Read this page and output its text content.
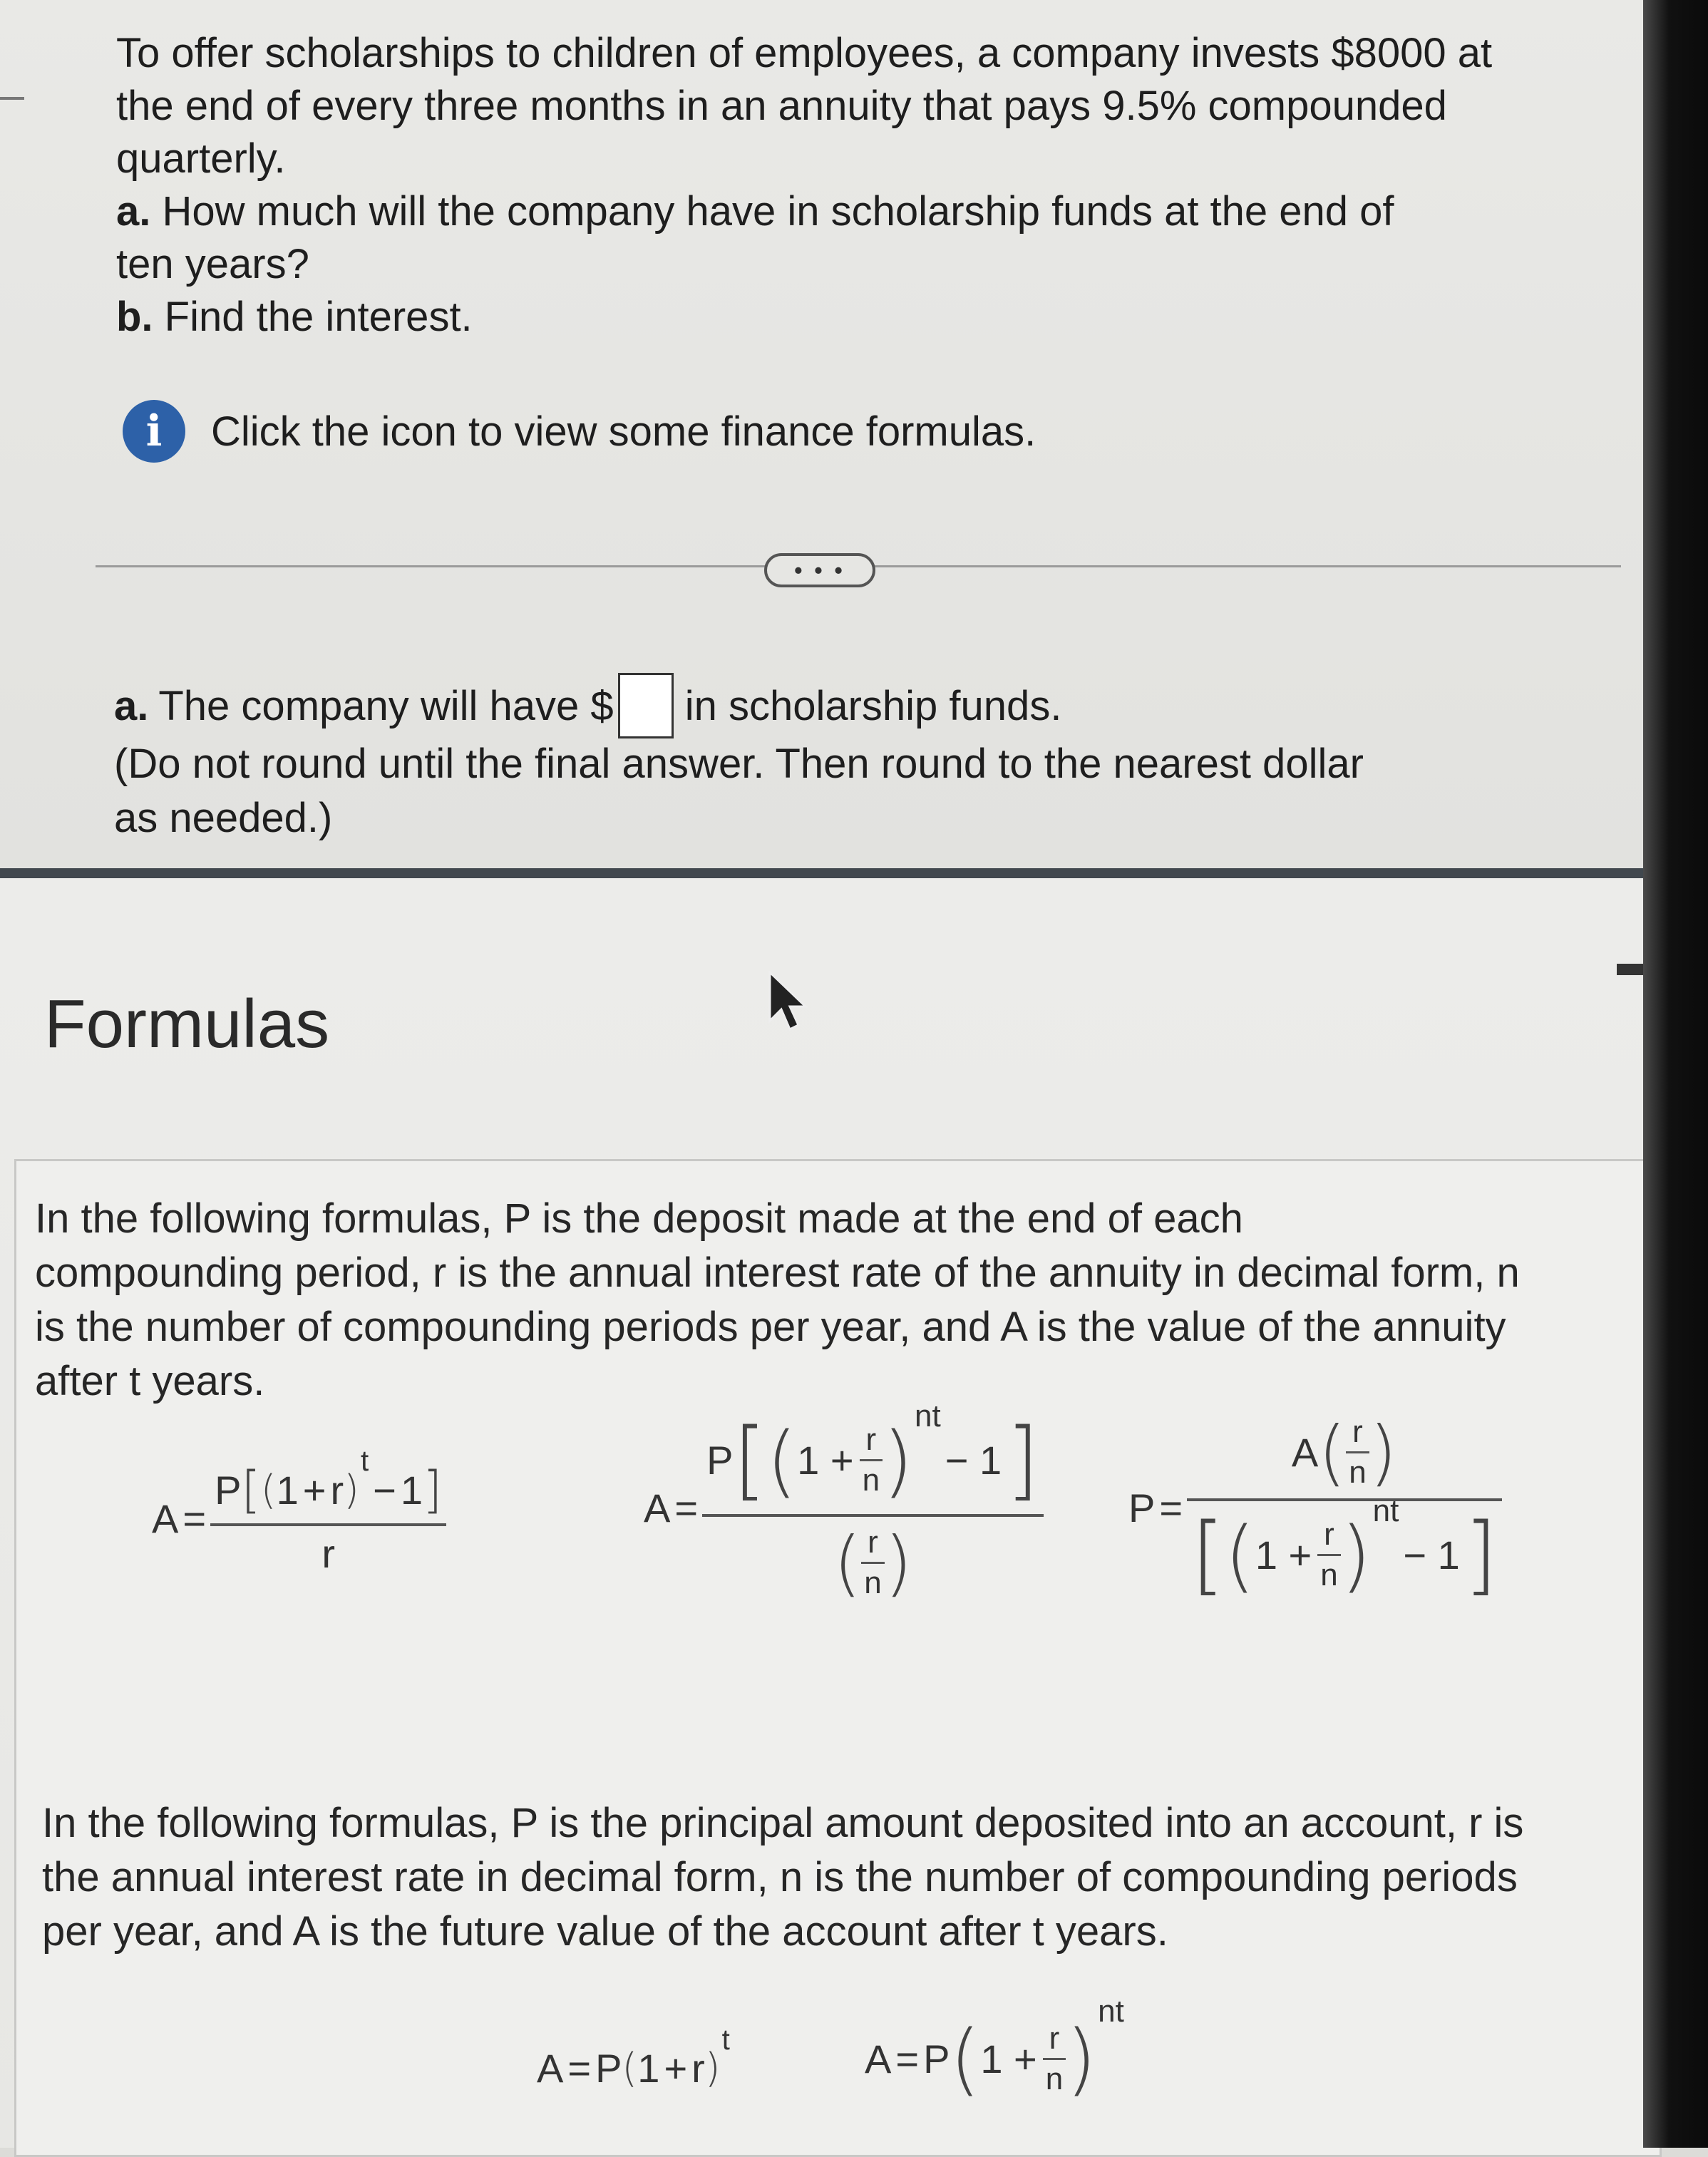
To offer scholarships to children of employees, a company invests $8000 at
the end of every three months in an annuity that pays 9.5% compounded
quarterly.
a. How much will the company have in scholarship funds at the end of
ten years?
b. Find the interest.
i	Click the icon to view some finance formulas.
• • •
a. The company will have $ in scholarship funds.
(Do not round until the final answer. Then round to the nearest dollar
as needed.)
Formulas
In the following formulas, P is the deposit made at the end of each
compounding period, r is the annual interest rate of the annuity in decimal form, n
is the number of compounding periods per year, and A is the value of the annuity
after t years.
A =
P [ ( 1 + r )
t
− 1 ]
r
A =
P [ ( $1 + \frac{r}{n}$ ) nt
− 1 ]
( $\frac{r}{n}$ )
P =
A ( $\frac{r}{n}$ )
[ ( $1 + \frac{r}{n}$ ) nt
− 1 ]
In the following formulas, P is the principal amount deposited into an account, r is
the annual interest rate in decimal form, n is the number of compounding periods
per year, and A is the future value of the account after t years.
A = P ( 1 + r )
t	A = P ( $1 + \frac{r}{n}$ )
nt
